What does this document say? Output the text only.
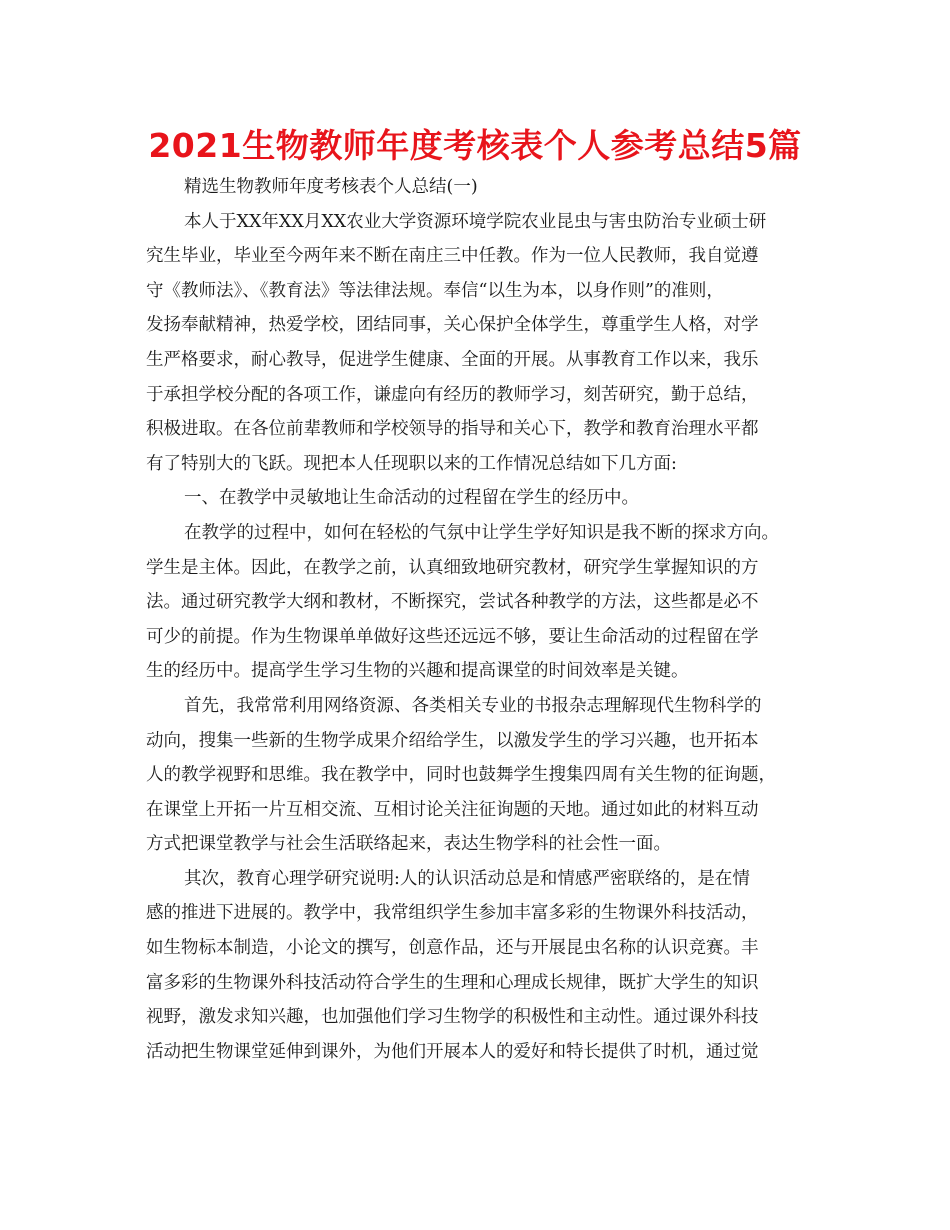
2021生物教师年度考核表个人参考总结5篇

精选生物教师年度考核表个人总结(一)

本人于XX年XX月XX农业大学资源环境学院农业昆虫与害虫防治专业硕士研
究生毕业，毕业至今两年来不断在南庄三中任教。作为一位人民教师，我自觉遵
守《教师法》、《教育法》等法律法规。奉信“以生为本，以身作则”的准则，
发扬奉献精神，热爱学校，团结同事，关心保护全体学生，尊重学生人格，对学
生严格要求，耐心教导，促进学生健康、全面的开展。从事教育工作以来，我乐
于承担学校分配的各项工作，谦虚向有经历的教师学习，刻苦研究，勤于总结，
积极进取。在各位前辈教师和学校领导的指导和关心下，教学和教育治理水平都
有了特别大的飞跃。现把本人任现职以来的工作情况总结如下几方面:

一、在教学中灵敏地让生命活动的过程留在学生的经历中。

在教学的过程中，如何在轻松的气氛中让学生学好知识是我不断的探求方向。
学生是主体。因此，在教学之前，认真细致地研究教材，研究学生掌握知识的方
法。通过研究教学大纲和教材，不断探究，尝试各种教学的方法，这些都是必不
可少的前提。作为生物课单单做好这些还远远不够，要让生命活动的过程留在学
生的经历中。提高学生学习生物的兴趣和提高课堂的时间效率是关键。

首先，我常常利用网络资源、各类相关专业的书报杂志理解现代生物科学的
动向，搜集一些新的生物学成果介绍给学生，以激发学生的学习兴趣，也开拓本
人的教学视野和思维。我在教学中，同时也鼓舞学生搜集四周有关生物的征询题，
在课堂上开拓一片互相交流、互相讨论关注征询题的天地。通过如此的材料互动
方式把课堂教学与社会生活联络起来，表达生物学科的社会性一面。

其次，教育心理学研究说明:人的认识活动总是和情感严密联络的，是在情
感的推进下进展的。教学中，我常组织学生参加丰富多彩的生物课外科技活动，
如生物标本制造，小论文的撰写，创意作品，还与开展昆虫名称的认识竞赛。丰
富多彩的生物课外科技活动符合学生的生理和心理成长规律，既扩大学生的知识
视野，激发求知兴趣，也加强他们学习生物学的积极性和主动性。通过课外科技
活动把生物课堂延伸到课外，为他们开展本人的爱好和特长提供了时机，通过觉
